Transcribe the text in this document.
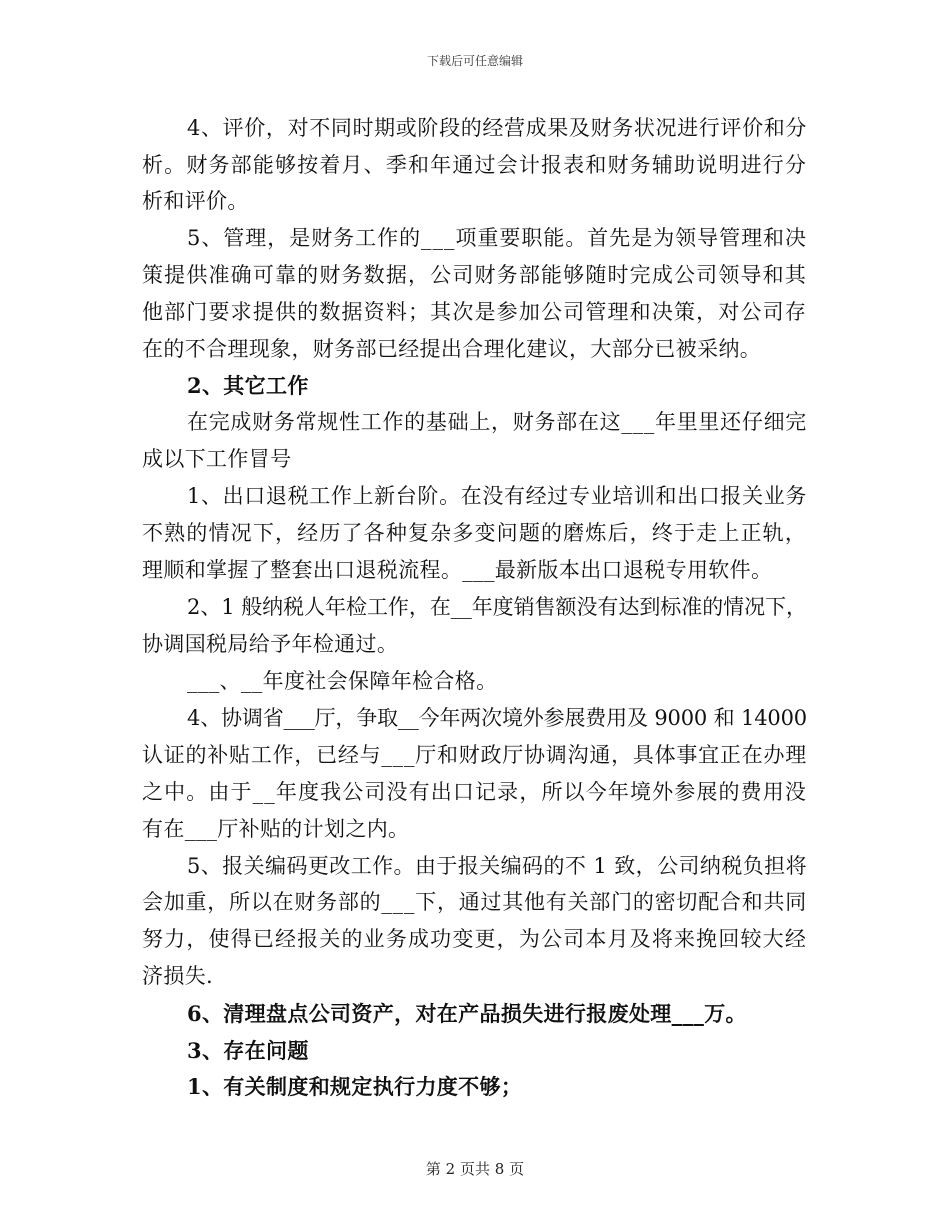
下载后可任意编辑
4、评价，对不同时期或阶段的经营成果及财务状况进行评价和分
析。财务部能够按着月、季和年通过会计报表和财务辅助说明进行分
析和评价。
5、管理，是财务工作的___项重要职能。首先是为领导管理和决
策提供准确可靠的财务数据，公司财务部能够随时完成公司领导和其
他部门要求提供的数据资料；其次是参加公司管理和决策，对公司存
在的不合理现象，财务部已经提出合理化建议，大部分已被采纳。
2、其它工作
在完成财务常规性工作的基础上，财务部在这___年里里还仔细完
成以下工作冒号
1、出口退税工作上新台阶。在没有经过专业培训和出口报关业务
不熟的情况下，经历了各种复杂多变问题的磨炼后，终于走上正轨，
理顺和掌握了整套出口退税流程。___最新版本出口退税专用软件。
2、1 般纳税人年检工作，在__年度销售额没有达到标准的情况下，
协调国税局给予年检通过。
___、__年度社会保障年检合格。
4、协调省___厅，争取__今年两次境外参展费用及 9000 和 14000
认证的补贴工作，已经与___厅和财政厅协调沟通，具体事宜正在办理
之中。由于__年度我公司没有出口记录，所以今年境外参展的费用没
有在___厅补贴的计划之内。
5、报关编码更改工作。由于报关编码的不 1 致，公司纳税负担将
会加重，所以在财务部的___下，通过其他有关部门的密切配合和共同
努力，使得已经报关的业务成功变更，为公司本月及将来挽回较大经
济损失.
6、清理盘点公司资产，对在产品损失进行报废处理___万。
3、存在问题
1、有关制度和规定执行力度不够；
第 2 页共 8 页
